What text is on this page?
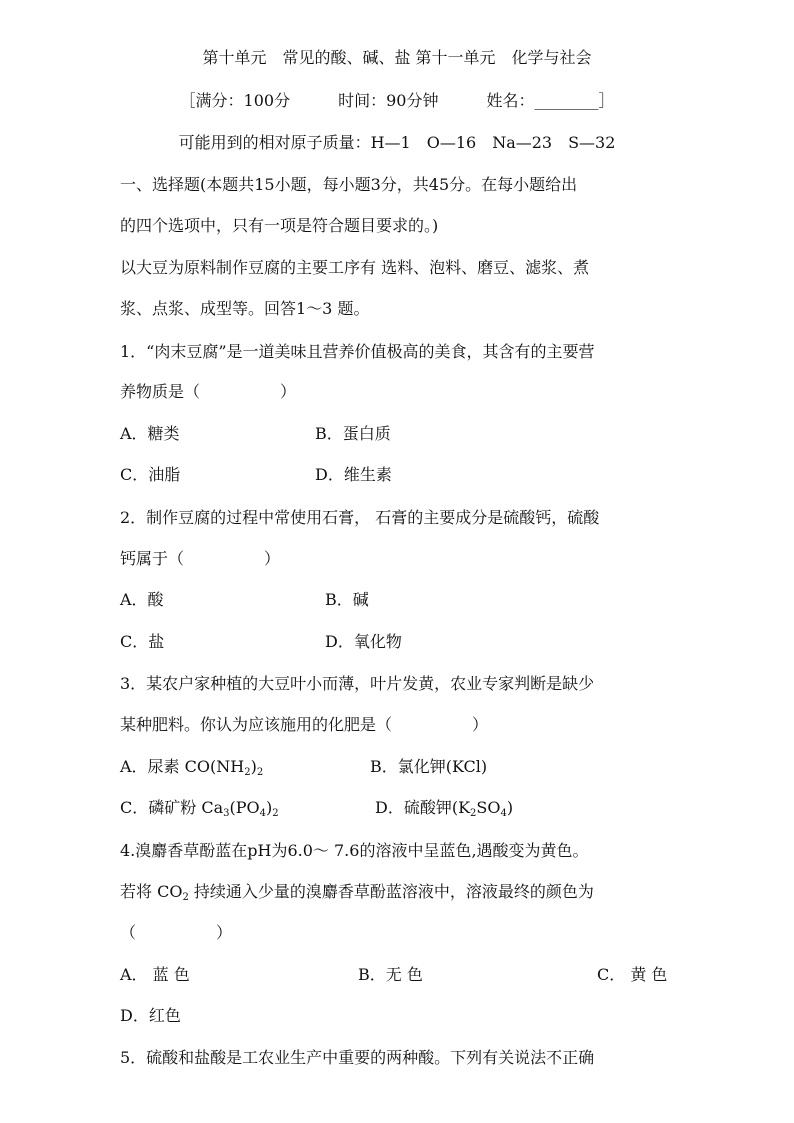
第十单元　常见的酸、碱、盐 第十一单元　化学与社会
［满分：100分　　　时间：90分钟　　　姓名：________］
可能用到的相对原子质量：H—1　O—16　Na—23　S—32
一、选择题(本题共15小题，每小题3分，共45分。在每小题给出
的四个选项中，只有一项是符合题目要求的。)
以大豆为原料制作豆腐的主要工序有 选料、泡料、磨豆、滤浆、煮
浆、点浆、成型等。回答1～3 题。
1．“肉末豆腐”是一道美味且营养价值极高的美食，其含有的主要营
养物质是（　　　　　）
A．糖类	B．蛋白质
C．油脂	D．维生素
2．制作豆腐的过程中常使用石膏， 石膏的主要成分是硫酸钙，硫酸
钙属于（　　　　　）
A．酸	B．碱
C．盐	D．氧化物
3．某农户家种植的大豆叶小而薄，叶片发黄，农业专家判断是缺少
某种肥料。你认为应该施用的化肥是（　　　　　）
A．尿素 $CO(NH_2)_2$	B．氯化钾(KCl)
C．磷矿粉 $Ca_3(PO_4)_2$	D．硫酸钾$(K_2SO_4)$
4.溴麝香草酚蓝在pH为6.0～ 7.6的溶液中呈蓝色,遇酸变为黄色。
若将 $CO_2$ 持续通入少量的溴麝香草酚蓝溶液中，溶液最终的颜色为
（　　　　　）
A． 蓝 色	B．无 色	C． 黄 色
D．红色
5．硫酸和盐酸是工农业生产中重要的两种酸。下列有关说法不正确
